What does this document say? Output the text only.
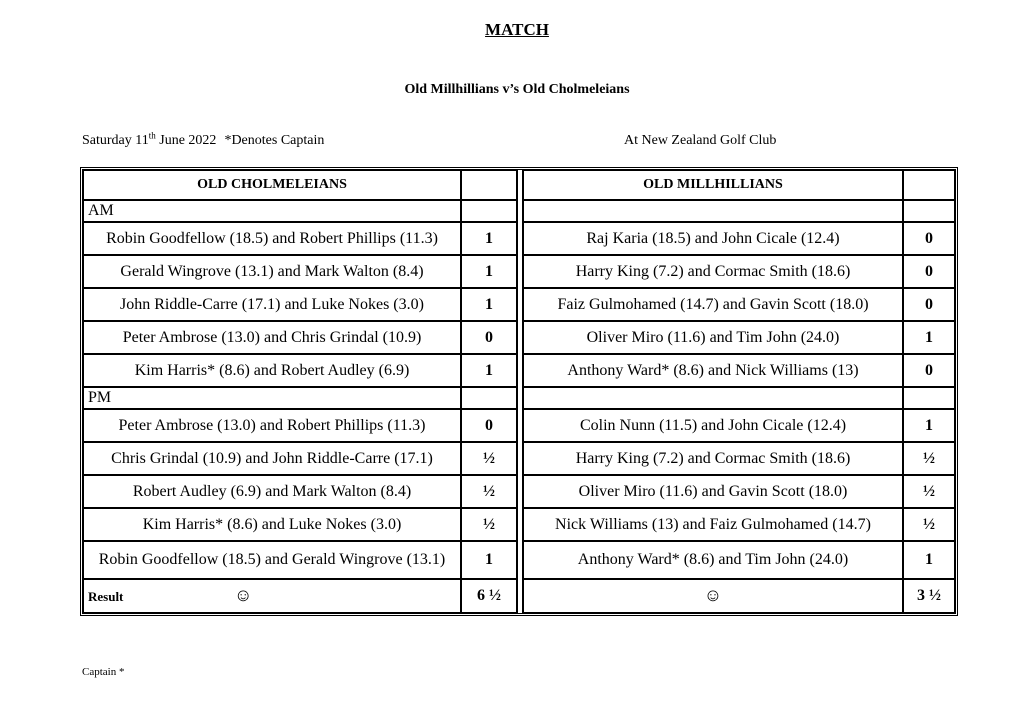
MATCH
Old Millhillians v’s Old Cholmeleians
Saturday 11th June 2022 *Denotes Captain	At New Zealand Golf Club
OLD CHOLMELEIANS			OLD MILLHILLIANS	
AM				
Robin Goodfellow (18.5) and Robert Phillips (11.3)	1		Raj Karia (18.5) and John Cicale (12.4)	0
Gerald Wingrove (13.1) and Mark Walton (8.4)	1		Harry King (7.2) and Cormac Smith (18.6)	0
John Riddle-Carre (17.1) and Luke Nokes (3.0)	1		Faiz Gulmohamed (14.7) and Gavin Scott (18.0)	0
Peter Ambrose (13.0) and Chris Grindal (10.9)	0		Oliver Miro (11.6) and Tim John (24.0)	1
Kim Harris* (8.6) and Robert Audley (6.9)	1		Anthony Ward* (8.6) and Nick Williams (13)	0
PM				
Peter Ambrose (13.0) and Robert Phillips (11.3)	0		Colin Nunn (11.5) and John Cicale (12.4)	1
Chris Grindal (10.9) and John Riddle-Carre (17.1)	½		Harry King (7.2) and Cormac Smith (18.6)	½
Robert Audley (6.9) and Mark Walton (8.4)	½		Oliver Miro (11.6) and Gavin Scott (18.0)	½
Kim Harris* (8.6) and Luke Nokes (3.0)	½		Nick Williams (13) and Faiz Gulmohamed (14.7)	½
Robin Goodfellow (18.5) and Gerald Wingrove (13.1)	1		Anthony Ward* (8.6) and Tim John (24.0)	1
Result ☺	6 ½		☺	3 ½
Captain *
